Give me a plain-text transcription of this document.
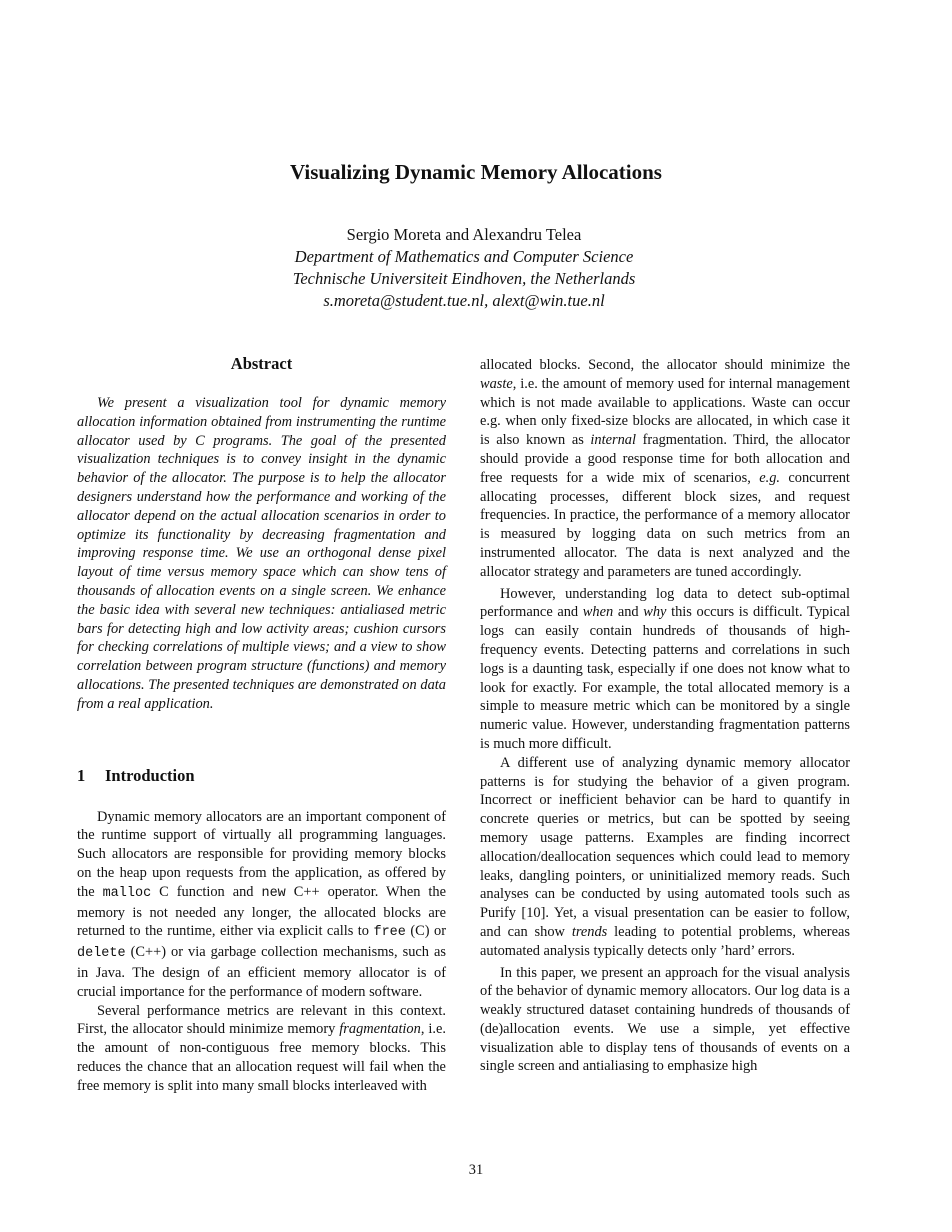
Visualizing Dynamic Memory Allocations
Sergio Moreta and Alexandru Telea
Department of Mathematics and Computer Science
Technische Universiteit Eindhoven, the Netherlands
s.moreta@student.tue.nl, alext@win.tue.nl
Abstract

We present a visualization tool for dynamic memory allocation information obtained from instrumenting the runtime allocator used by C programs. The goal of the presented visualization techniques is to convey insight in the dynamic behavior of the allocator. The purpose is to help the allocator designers understand how the performance and working of the allocator depend on the actual allocation scenarios in order to optimize its functionality by decreasing fragmentation and improving response time. We use an orthogonal dense pixel layout of time versus memory space which can show tens of thousands of allocation events on a single screen. We enhance the basic idea with several new techniques: antialiased metric bars for detecting high and low activity areas; cushion cursors for checking correlations of multiple views; and a view to show correlation between program structure (functions) and memory allocations. The presented techniques are demonstrated on data from a real application.

1 Introduction

Dynamic memory allocators are an important component of the runtime support of virtually all programming languages. Such allocators are responsible for providing memory blocks on the heap upon requests from the application, as offered by the malloc C function and new C++ operator. When the memory is not needed any longer, the allocated blocks are returned to the runtime, either via explicit calls to free (C) or delete (C++) or via garbage collection mechanisms, such as in Java. The design of an efficient memory allocator is of crucial importance for the performance of modern software.

Several performance metrics are relevant in this context. First, the allocator should minimize memory fragmentation, i.e. the amount of non-contiguous free memory blocks. This reduces the chance that an allocation request will fail when the free memory is split into many small blocks interleaved with

allocated blocks. Second, the allocator should minimize the waste, i.e. the amount of memory used for internal management which is not made available to applications. Waste can occur e.g. when only fixed-size blocks are allocated, in which case it is also known as internal fragmentation. Third, the allocator should provide a good response time for both allocation and free requests for a wide mix of scenarios, e.g. concurrent allocating processes, different block sizes, and request frequencies. In practice, the performance of a memory allocator is measured by logging data on such metrics from an instrumented allocator. The data is next analyzed and the allocator strategy and parameters are tuned accordingly.

However, understanding log data to detect sub-optimal performance and when and why this occurs is difficult. Typical logs can easily contain hundreds of thousands of high-frequency events. Detecting patterns and correlations in such logs is a daunting task, especially if one does not know what to look for exactly. For example, the total allocated memory is a simple to measure metric which can be monitored by a single numeric value. However, understanding fragmentation patterns is much more difficult.

A different use of analyzing dynamic memory allocator patterns is for studying the behavior of a given program. Incorrect or inefficient behavior can be hard to quantify in concrete queries or metrics, but can be spotted by seeing memory usage patterns. Examples are finding incorrect allocation/deallocation sequences which could lead to memory leaks, dangling pointers, or uninitialized memory reads. Such analyses can be conducted by using automated tools such as Purify [10]. Yet, a visual presentation can be easier to follow, and can show trends leading to potential problems, whereas automated analysis typically detects only ’hard’ errors.

In this paper, we present an approach for the visual analysis of the behavior of dynamic memory allocators. Our log data is a weakly structured dataset containing hundreds of thousands of (de)allocation events. We use a simple, yet effective visualization able to display tens of thousands of events on a single screen and antialiasing to emphasize high

31
